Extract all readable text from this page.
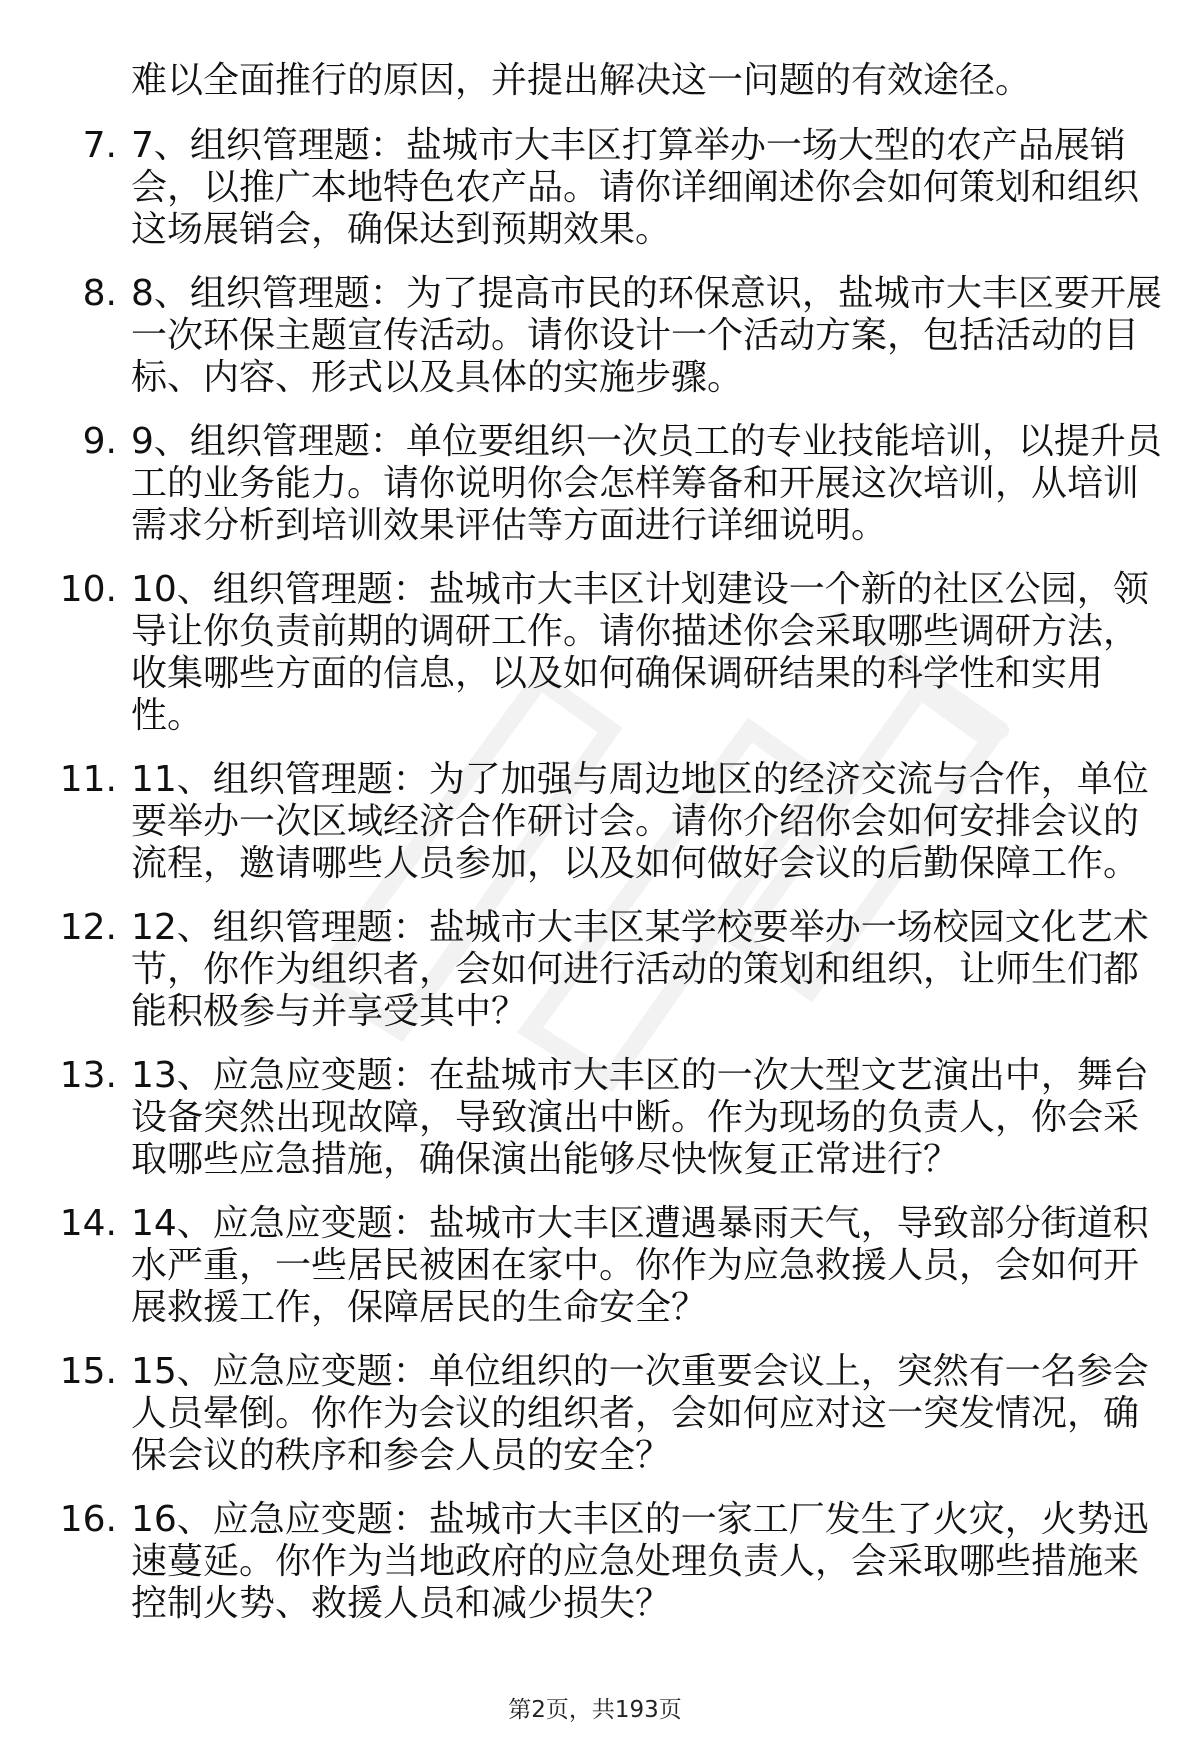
难以全面推行的原因，并提出解决这一问题的有效途径。

7. 7、组织管理题：盐城市大丰区打算举办一场大型的农产品展销会，以推广本地特色农产品。请你详细阐述你会如何策划和组织这场展销会，确保达到预期效果。
8. 8、组织管理题：为了提高市民的环保意识，盐城市大丰区要开展一次环保主题宣传活动。请你设计一个活动方案，包括活动的目标、内容、形式以及具体的实施步骤。
9. 9、组织管理题：单位要组织一次员工的专业技能培训，以提升员工的业务能力。请你说明你会怎样筹备和开展这次培训，从培训需求分析到培训效果评估等方面进行详细说明。
10. 10、组织管理题：盐城市大丰区计划建设一个新的社区公园，领导让你负责前期的调研工作。请你描述你会采取哪些调研方法，收集哪些方面的信息，以及如何确保调研结果的科学性和实用性。
11. 11、组织管理题：为了加强与周边地区的经济交流与合作，单位要举办一次区域经济合作研讨会。请你介绍你会如何安排会议的流程，邀请哪些人员参加，以及如何做好会议的后勤保障工作。
12. 12、组织管理题：盐城市大丰区某学校要举办一场校园文化艺术节，你作为组织者，会如何进行活动的策划和组织，让师生们都能积极参与并享受其中？
13. 13、应急应变题：在盐城市大丰区的一次大型文艺演出中，舞台设备突然出现故障，导致演出中断。作为现场的负责人，你会采取哪些应急措施，确保演出能够尽快恢复正常进行？
14. 14、应急应变题：盐城市大丰区遭遇暴雨天气，导致部分街道积水严重，一些居民被困在家中。你作为应急救援人员，会如何开展救援工作，保障居民的生命安全？
15. 15、应急应变题：单位组织的一次重要会议上，突然有一名参会人员晕倒。你作为会议的组织者，会如何应对这一突发情况，确保会议的秩序和参会人员的安全？
16. 16、应急应变题：盐城市大丰区的一家工厂发生了火灾，火势迅速蔓延。你作为当地政府的应急处理负责人，会采取哪些措施来控制火势、救援人员和减少损失？
第2页，共193页
